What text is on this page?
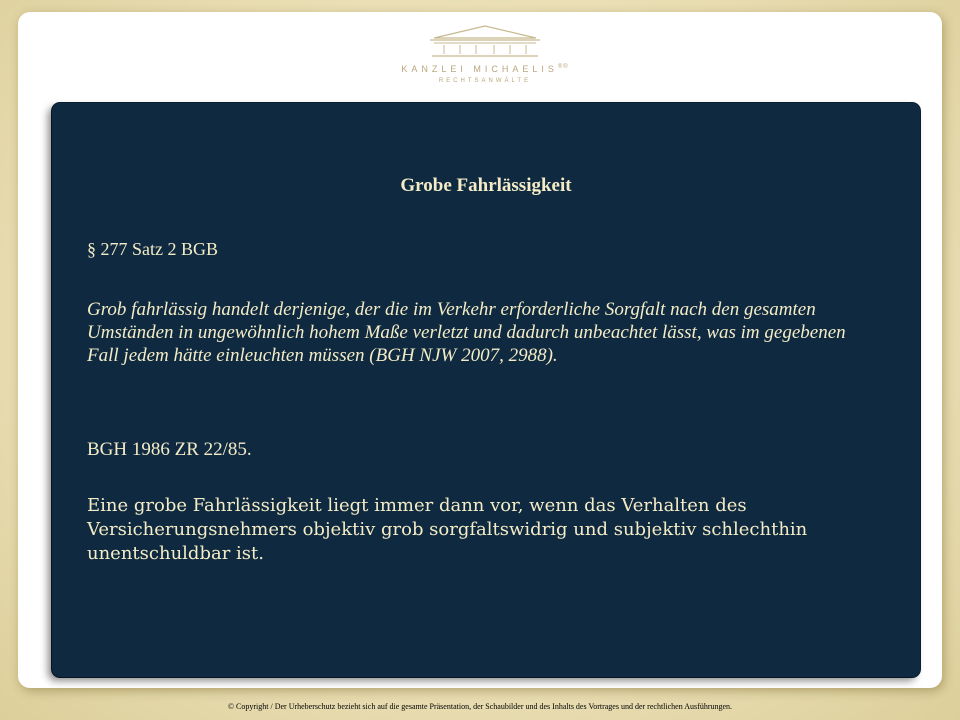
KANZLEI MICHAELIS®®
RECHTSANWÄLTE
Grobe Fahrlässigkeit

§ 277 Satz 2 BGB

Grob fahrlässig handelt derjenige, der die im Verkehr erforderliche Sorgfalt nach den gesamten Umständen in ungewöhnlich hohem Maße verletzt und dadurch unbeachtet lässt, was im gegebenen Fall jedem hätte einleuchten müssen (BGH NJW 2007, 2988).

BGH 1986 ZR 22/85.

Eine grobe Fahrlässigkeit liegt immer dann vor, wenn das Verhalten des Versicherungsnehmers objektiv grob sorgfaltswidrig und subjektiv schlechthin unentschuldbar ist.

© Copyright / Der Urheberschutz bezieht sich auf die gesamte Präsentation, der Schaubilder und des Inhalts des Vortrages und der rechtlichen Ausführungen.
